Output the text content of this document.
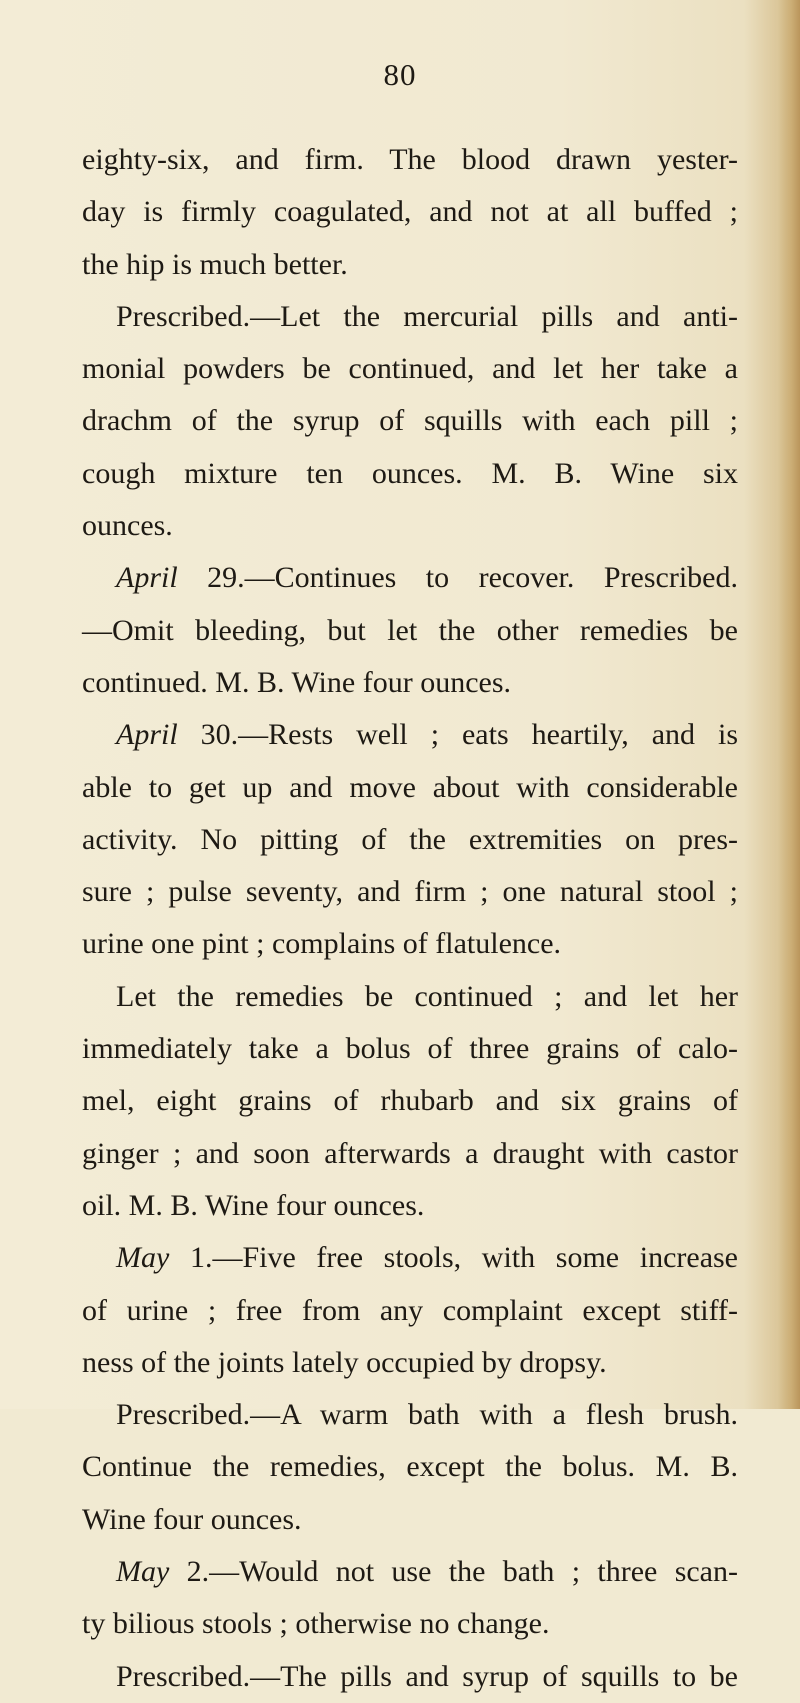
80
eighty-six, and firm. The blood drawn yester-
day is firmly coagulated, and not at all buffed ;
the hip is much better.
Prescribed.—Let the mercurial pills and anti-
monial powders be continued, and let her take a
drachm of the syrup of squills with each pill ;
cough mixture ten ounces. M. B. Wine six
ounces.
April 29.—Continues to recover. Prescribed.
—Omit bleeding, but let the other remedies be
continued. M. B. Wine four ounces.
April 30.—Rests well ; eats heartily, and is
able to get up and move about with considerable
activity. No pitting of the extremities on pres-
sure ; pulse seventy, and firm ; one natural stool ;
urine one pint ; complains of flatulence.
Let the remedies be continued ; and let her
immediately take a bolus of three grains of calo-
mel, eight grains of rhubarb and six grains of
ginger ; and soon afterwards a draught with castor
oil. M. B. Wine four ounces.
May 1.—Five free stools, with some increase
of urine ; free from any complaint except stiff-
ness of the joints lately occupied by dropsy.
Prescribed.—A warm bath with a flesh brush.
Continue the remedies, except the bolus. M. B.
Wine four ounces.
May 2.—Would not use the bath ; three scan-
ty bilious stools ; otherwise no change.
Prescribed.—The pills and syrup of squills to be
